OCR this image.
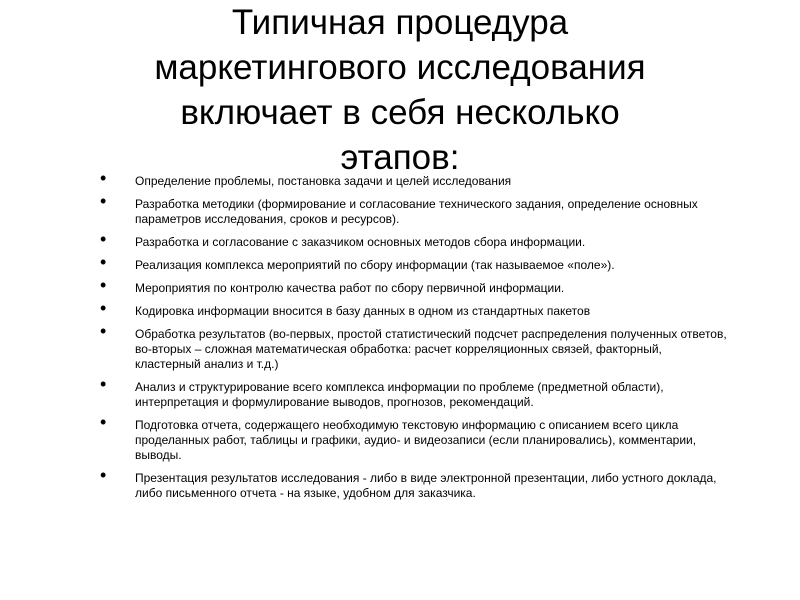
Типичная процедура
маркетингового исследования
включает в себя несколько
этапов:
• Определение проблемы, постановка задачи и целей исследования
• Разработка методики (формирование и согласование технического задания, определение основных параметров исследования, сроков и ресурсов).
• Разработка и согласование с заказчиком основных методов сбора информации.
• Реализация комплекса мероприятий по сбору информации (так называемое «поле»).
• Мероприятия по контролю качества работ по сбору первичной информации.
• Кодировка информации вносится в базу данных в одном из стандартных пакетов
• Обработка результатов (во-первых, простой статистический подсчет распределения полученных ответов, во-вторых – сложная математическая обработка: расчет корреляционных связей, факторный, кластерный анализ и т.д.)
• Анализ и структурирование всего комплекса информации по проблеме (предметной области), интерпретация и формулирование выводов, прогнозов, рекомендаций.
• Подготовка отчета, содержащего необходимую текстовую информацию с описанием всего цикла проделанных работ, таблицы и графики, аудио- и видеозаписи (если планировались), комментарии, выводы.
• Презентация результатов исследования - либо в виде электронной презентации, либо устного доклада, либо письменного отчета - на языке, удобном для заказчика.
